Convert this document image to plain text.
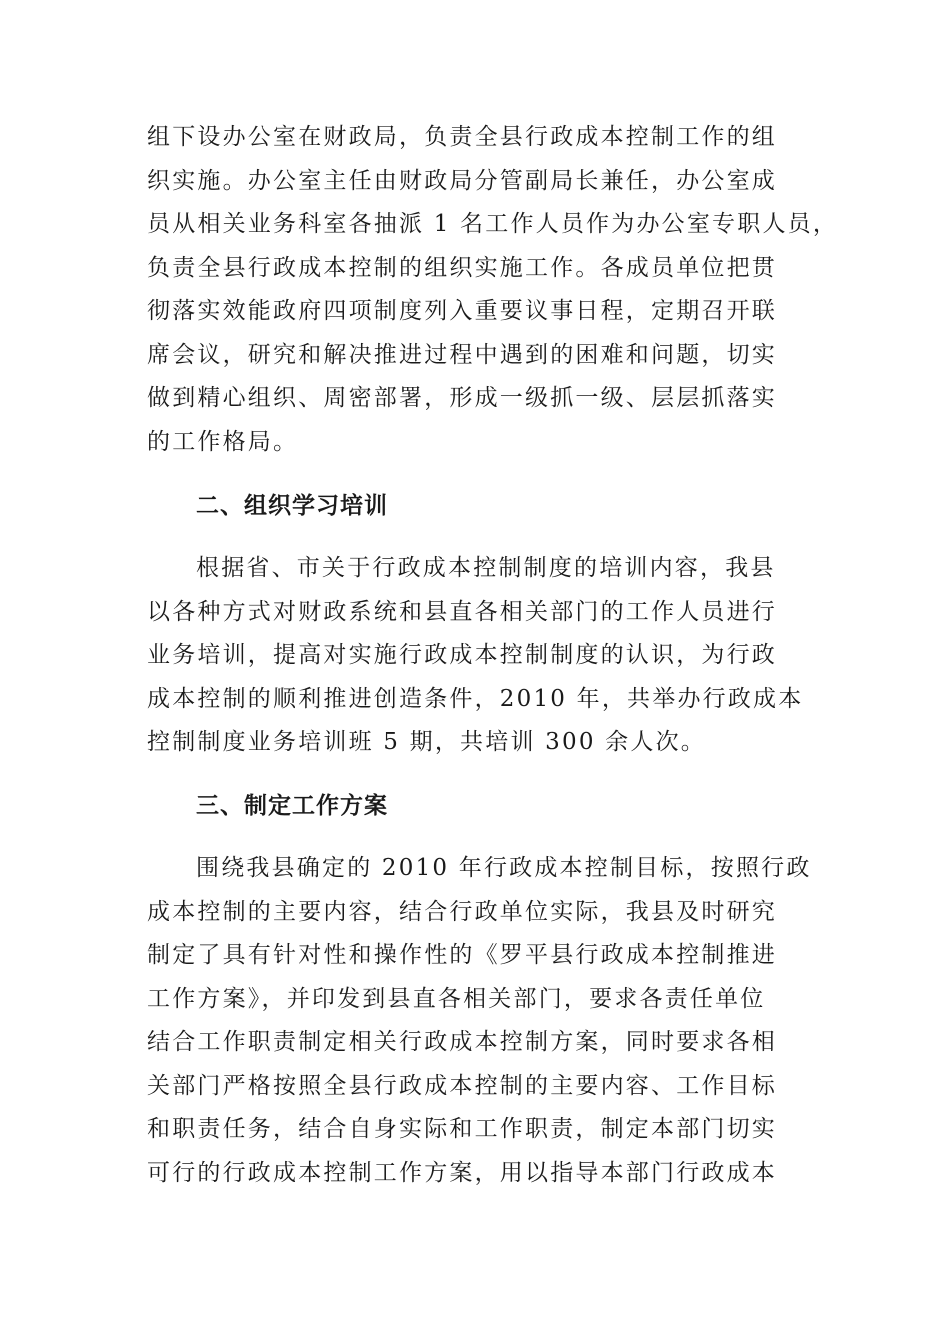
组下设办公室在财政局，负责全县行政成本控制工作的组
织实施。办公室主任由财政局分管副局长兼任，办公室成
员从相关业务科室各抽派 1 名工作人员作为办公室专职人员，
负责全县行政成本控制的组织实施工作。各成员单位把贯
彻落实效能政府四项制度列入重要议事日程，定期召开联
席会议，研究和解决推进过程中遇到的困难和问题，切实
做到精心组织、周密部署，形成一级抓一级、层层抓落实
的工作格局。
二、组织学习培训
根据省、市关于行政成本控制制度的培训内容，我县
以各种方式对财政系统和县直各相关部门的工作人员进行
业务培训，提高对实施行政成本控制制度的认识，为行政
成本控制的顺利推进创造条件，2010 年，共举办行政成本
控制制度业务培训班 5 期，共培训 300 余人次。
三、制定工作方案
围绕我县确定的 2010 年行政成本控制目标，按照行政
成本控制的主要内容，结合行政单位实际，我县及时研究
制定了具有针对性和操作性的《罗平县行政成本控制推进
工作方案》，并印发到县直各相关部门，要求各责任单位
结合工作职责制定相关行政成本控制方案，同时要求各相
关部门严格按照全县行政成本控制的主要内容、工作目标
和职责任务，结合自身实际和工作职责，制定本部门切实
可行的行政成本控制工作方案，用以指导本部门行政成本
